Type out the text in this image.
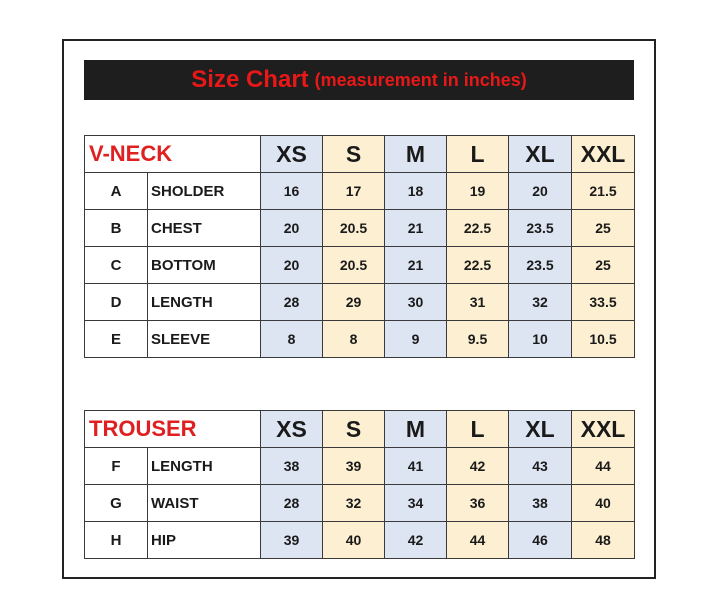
Size Chart (measurement in inches)
V-NECK		XS	S	M	L	XL	XXL
A	SHOLDER	16	17	18	19	20	21.5
B	CHEST	20	20.5	21	22.5	23.5	25
C	BOTTOM	20	20.5	21	22.5	23.5	25
D	LENGTH	28	29	30	31	32	33.5
E	SLEEVE	8	8	9	9.5	10	10.5
TROUSER		XS	S	M	L	XL	XXL
F	LENGTH	38	39	41	42	43	44
G	WAIST	28	32	34	36	38	40
H	HIP	39	40	42	44	46	48
